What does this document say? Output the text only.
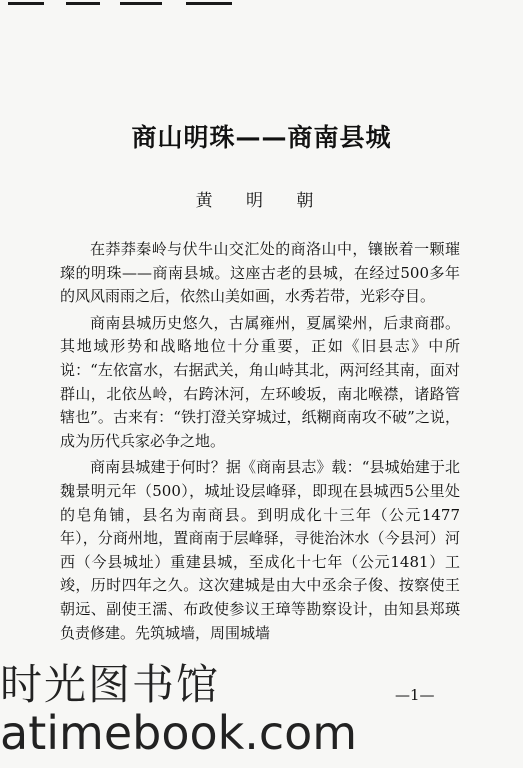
商山明珠——商南县城
黄 明 朝

在莽莽秦岭与伏牛山交汇处的商洛山中，镶嵌着一颗璀璨的明珠——商南县城。这座古老的县城，在经过500多年的风风雨雨之后，依然山美如画，水秀若带，光彩夺目。

商南县城历史悠久，古属雍州，夏属梁州，后隶商郡。其地域形势和战略地位十分重要，正如《旧县志》中所说：“左依富水，右据武关，角山峙其北，两河经其南，面对群山，北依丛岭，右跨沐河，左环峻坂，南北喉襟，诸路管辖也”。古来有：“铁打澄关穿城过，纸糊商南攻不破”之说，成为历代兵家必争之地。

商南县城建于何时？据《商南县志》载：“县城始建于北魏景明元年（500），城址设层峰驿，即现在县城西5公里处的皂角铺，县名为南商县。到明成化十三年（公元1477年），分商州地，置商南于层峰驿，寻徙治沐水（今县河）河西（今县城址）重建县城，至成化十七年（公元1481）工竣，历时四年之久。这次建城是由大中丞余子俊、按察使王朝远、副使王濡、布政使参议王璋等勘察设计，由知县郑瑛负责修建。先筑城墙，周围城墙

—1—
时光图书馆
atimebook.com
